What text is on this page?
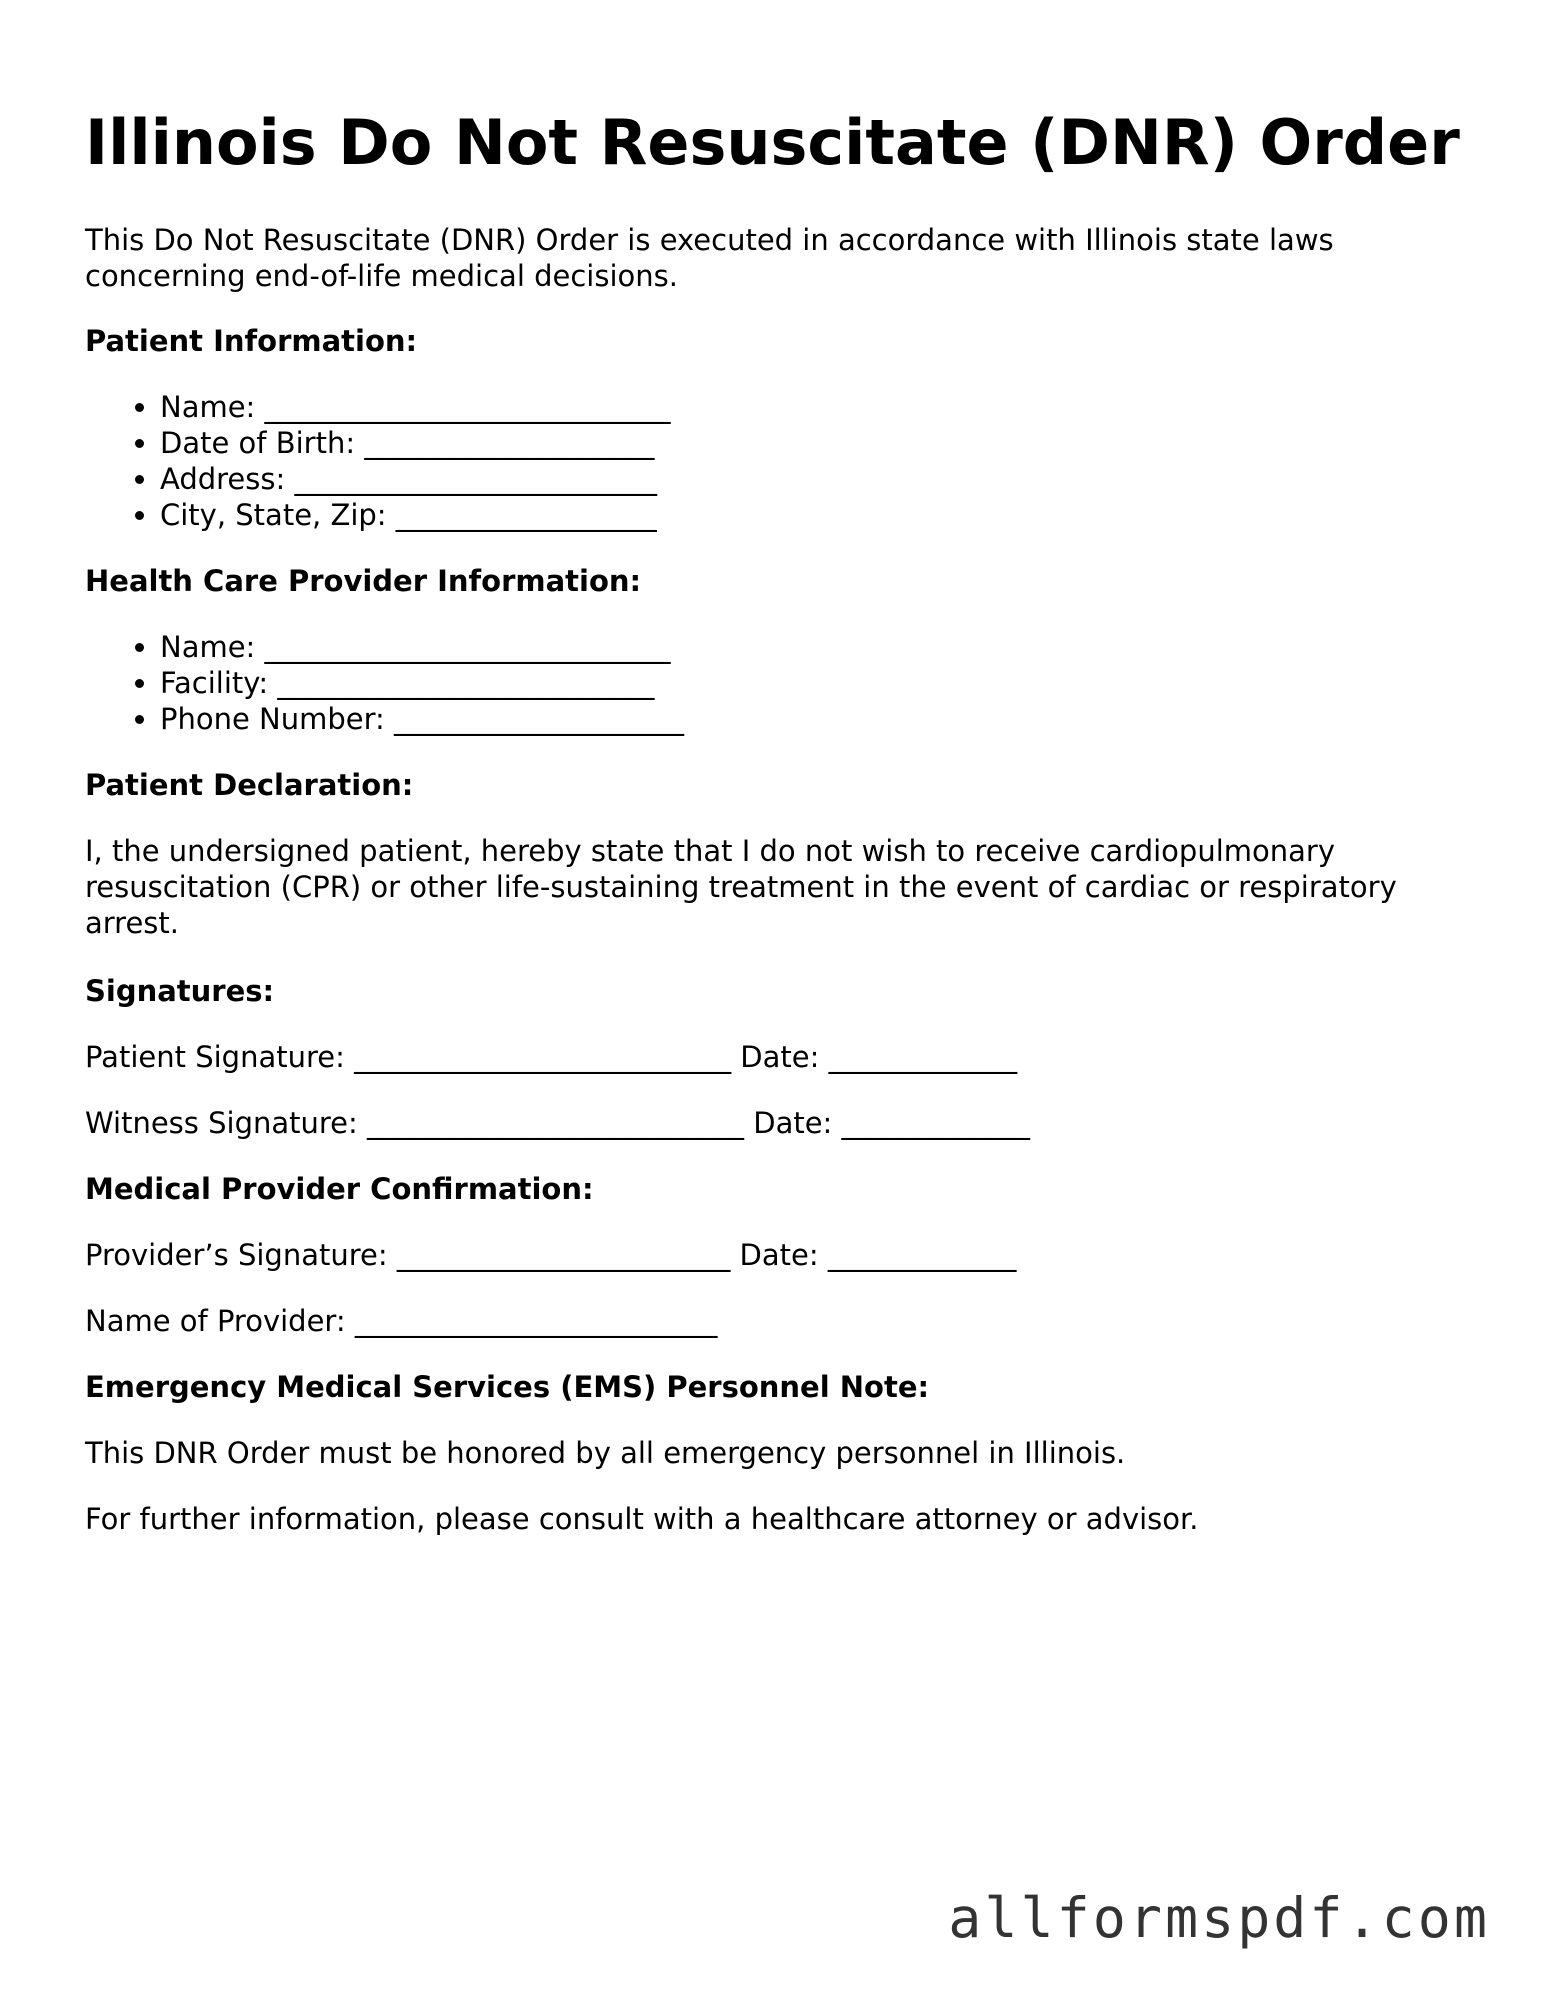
Illinois Do Not Resuscitate (DNR) Order
This Do Not Resuscitate (DNR) Order is executed in accordance with Illinois state laws concerning end-of-life medical decisions.
Patient Information:
• Name: ____________________________
• Date of Birth: ____________________
• Address: _________________________
• City, State, Zip: __________________
Health Care Provider Information:
• Name: ____________________________
• Facility: __________________________
• Phone Number: ____________________
Patient Declaration:
I, the undersigned patient, hereby state that I do not wish to receive cardiopulmonary resuscitation (CPR) or other life-sustaining treatment in the event of cardiac or respiratory arrest.
Signatures:
Patient Signature: __________________________ Date: _____________
Witness Signature: __________________________ Date: _____________
Medical Provider Confirmation:
Provider’s Signature: _______________________ Date: _____________
Name of Provider: _________________________
Emergency Medical Services (EMS) Personnel Note:
This DNR Order must be honored by all emergency personnel in Illinois.
For further information, please consult with a healthcare attorney or advisor.
allformspdf.com
